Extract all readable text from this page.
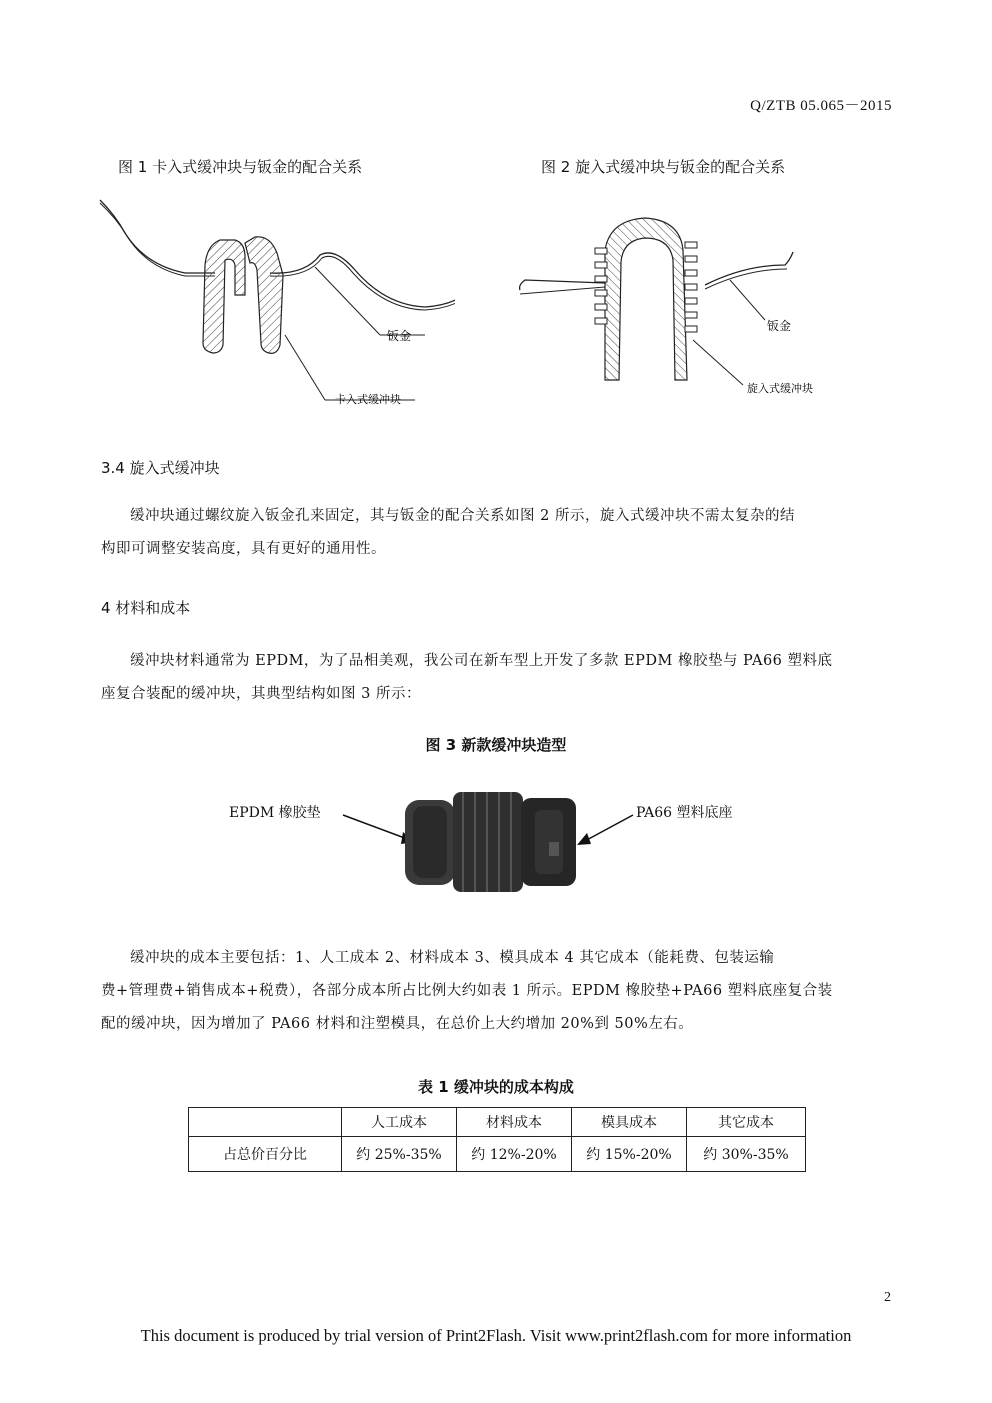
Q/ZTB 05.065－2015
图 1 卡入式缓冲块与钣金的配合关系	图 2 旋入式缓冲块与钣金的配合关系
钣金
卡入式缓冲块
钣金
旋入式缓冲块
3.4 旋入式缓冲块
缓冲块通过螺纹旋入钣金孔来固定，其与钣金的配合关系如图 2 所示，旋入式缓冲块不需太复杂的结
构即可调整安装高度，具有更好的通用性。
4 材料和成本
缓冲块材料通常为 EPDM，为了品相美观，我公司在新车型上开发了多款 EPDM 橡胶垫与 PA66 塑料底
座复合装配的缓冲块，其典型结构如图 3 所示：
图 3 新款缓冲块造型
EPDM 橡胶垫	PA66 塑料底座
缓冲块的成本主要包括：1、人工成本 2、材料成本 3、模具成本 4 其它成本（能耗费、包装运输
费+管理费+销售成本+税费），各部分成本所占比例大约如表 1 所示。EPDM 橡胶垫+PA66 塑料底座复合装
配的缓冲块，因为增加了 PA66 材料和注塑模具，在总价上大约增加 20%到 50%左右。
表 1 缓冲块的成本构成
	人工成本	材料成本	模具成本	其它成本
占总价百分比	约 25%-35%	约 12%-20%	约 15%-20%	约 30%-35%
2
This document is produced by trial version of Print2Flash. Visit www.print2flash.com for more information
